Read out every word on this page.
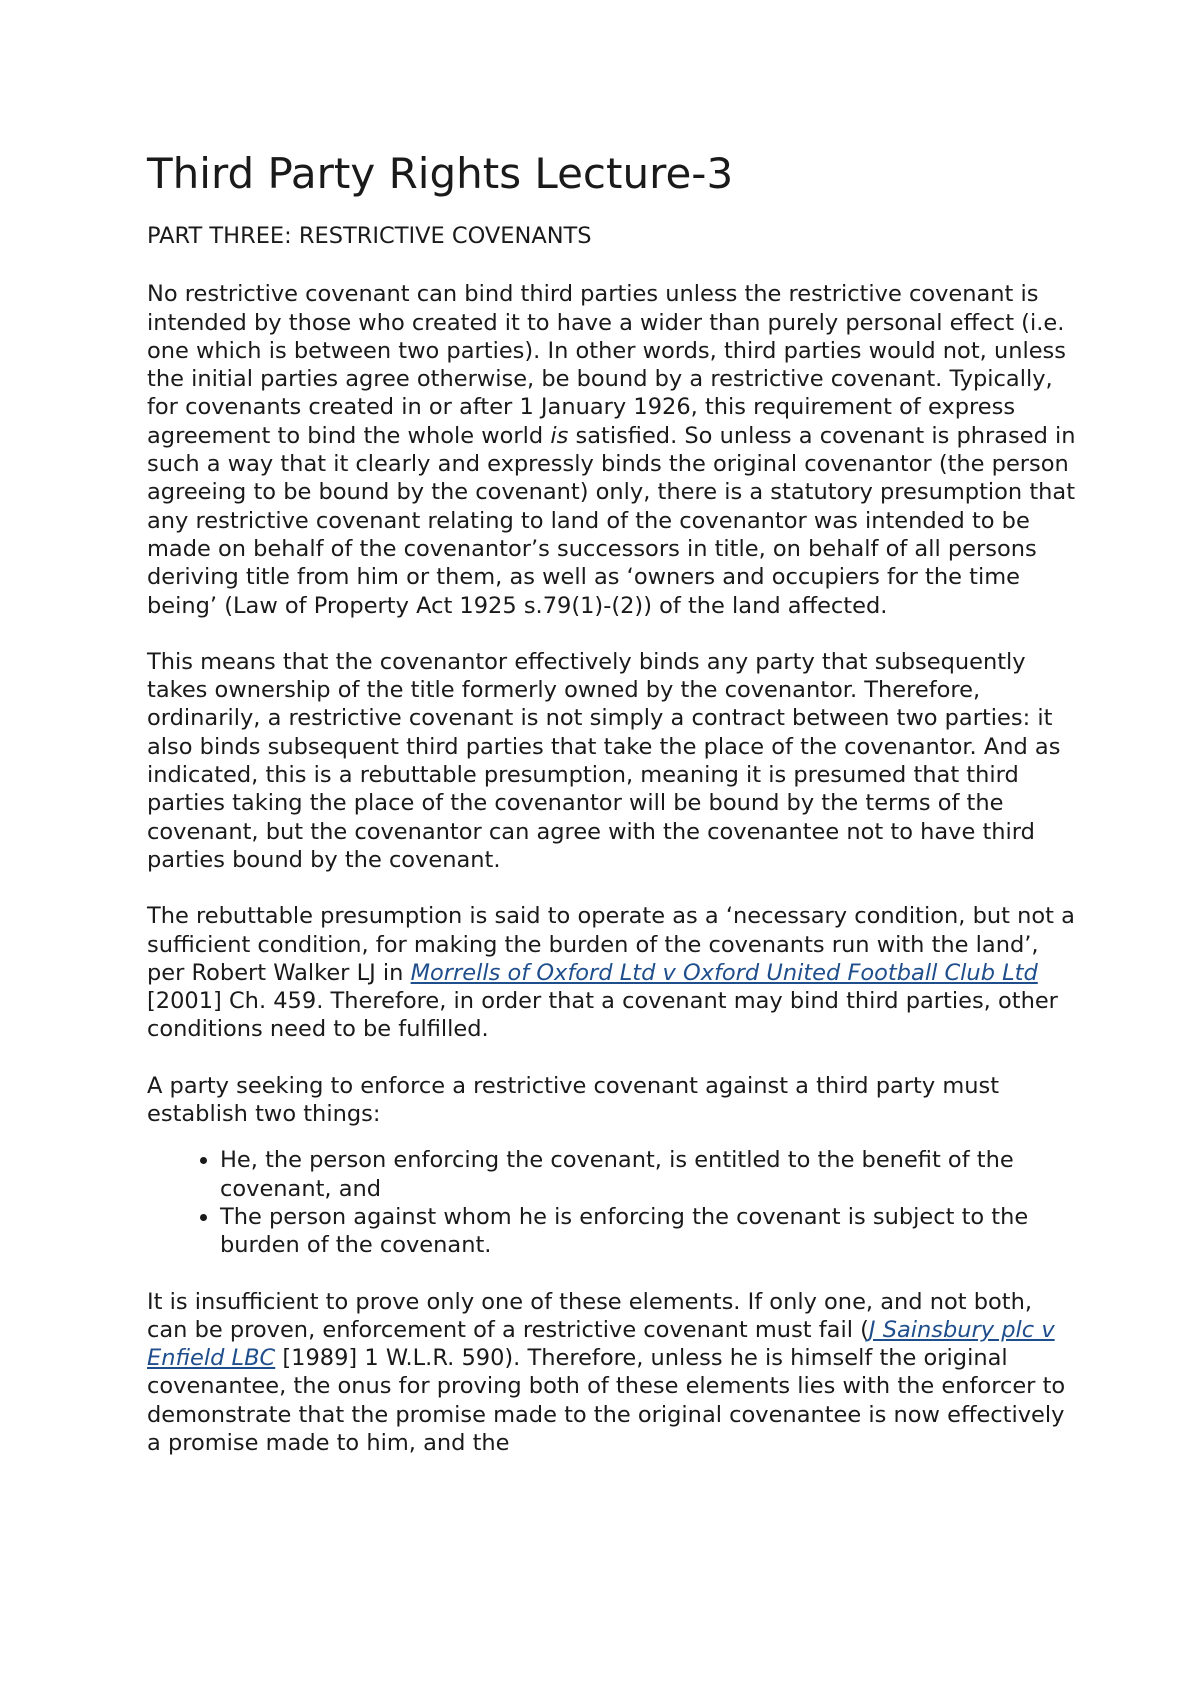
Third Party Rights Lecture-3

PART THREE: RESTRICTIVE COVENANTS

No restrictive covenant can bind third parties unless the restrictive covenant is intended by those who created it to have a wider than purely personal effect (i.e. one which is between two parties). In other words, third parties would not, unless the initial parties agree otherwise, be bound by a restrictive covenant. Typically, for covenants created in or after 1 January 1926, this requirement of express agreement to bind the whole world is satisfied. So unless a covenant is phrased in such a way that it clearly and expressly binds the original covenantor (the person agreeing to be bound by the covenant) only, there is a statutory presumption that any restrictive covenant relating to land of the covenantor was intended to be made on behalf of the covenantor’s successors in title, on behalf of all persons deriving title from him or them, as well as ‘owners and occupiers for the time being’ (Law of Property Act 1925 s.79(1)-(2)) of the land affected.

This means that the covenantor effectively binds any party that subsequently takes ownership of the title formerly owned by the covenantor. Therefore, ordinarily, a restrictive covenant is not simply a contract between two parties: it also binds subsequent third parties that take the place of the covenantor. And as indicated, this is a rebuttable presumption, meaning it is presumed that third parties taking the place of the covenantor will be bound by the terms of the covenant, but the covenantor can agree with the covenantee not to have third parties bound by the covenant.

The rebuttable presumption is said to operate as a ‘necessary condition, but not a sufficient condition, for making the burden of the covenants run with the land’, per Robert Walker LJ in Morrells of Oxford Ltd v Oxford United Football Club Ltd [2001] Ch. 459. Therefore, in order that a covenant may bind third parties, other conditions need to be fulfilled.

A party seeking to enforce a restrictive covenant against a third party must establish two things:

• He, the person enforcing the covenant, is entitled to the benefit of the covenant, and
• The person against whom he is enforcing the covenant is subject to the burden of the covenant.

It is insufficient to prove only one of these elements. If only one, and not both, can be proven, enforcement of a restrictive covenant must fail (J Sainsbury plc v Enfield LBC [1989] 1 W.L.R. 590). Therefore, unless he is himself the original covenantee, the onus for proving both of these elements lies with the enforcer to demonstrate that the promise made to the original covenantee is now effectively a promise made to him, and the
